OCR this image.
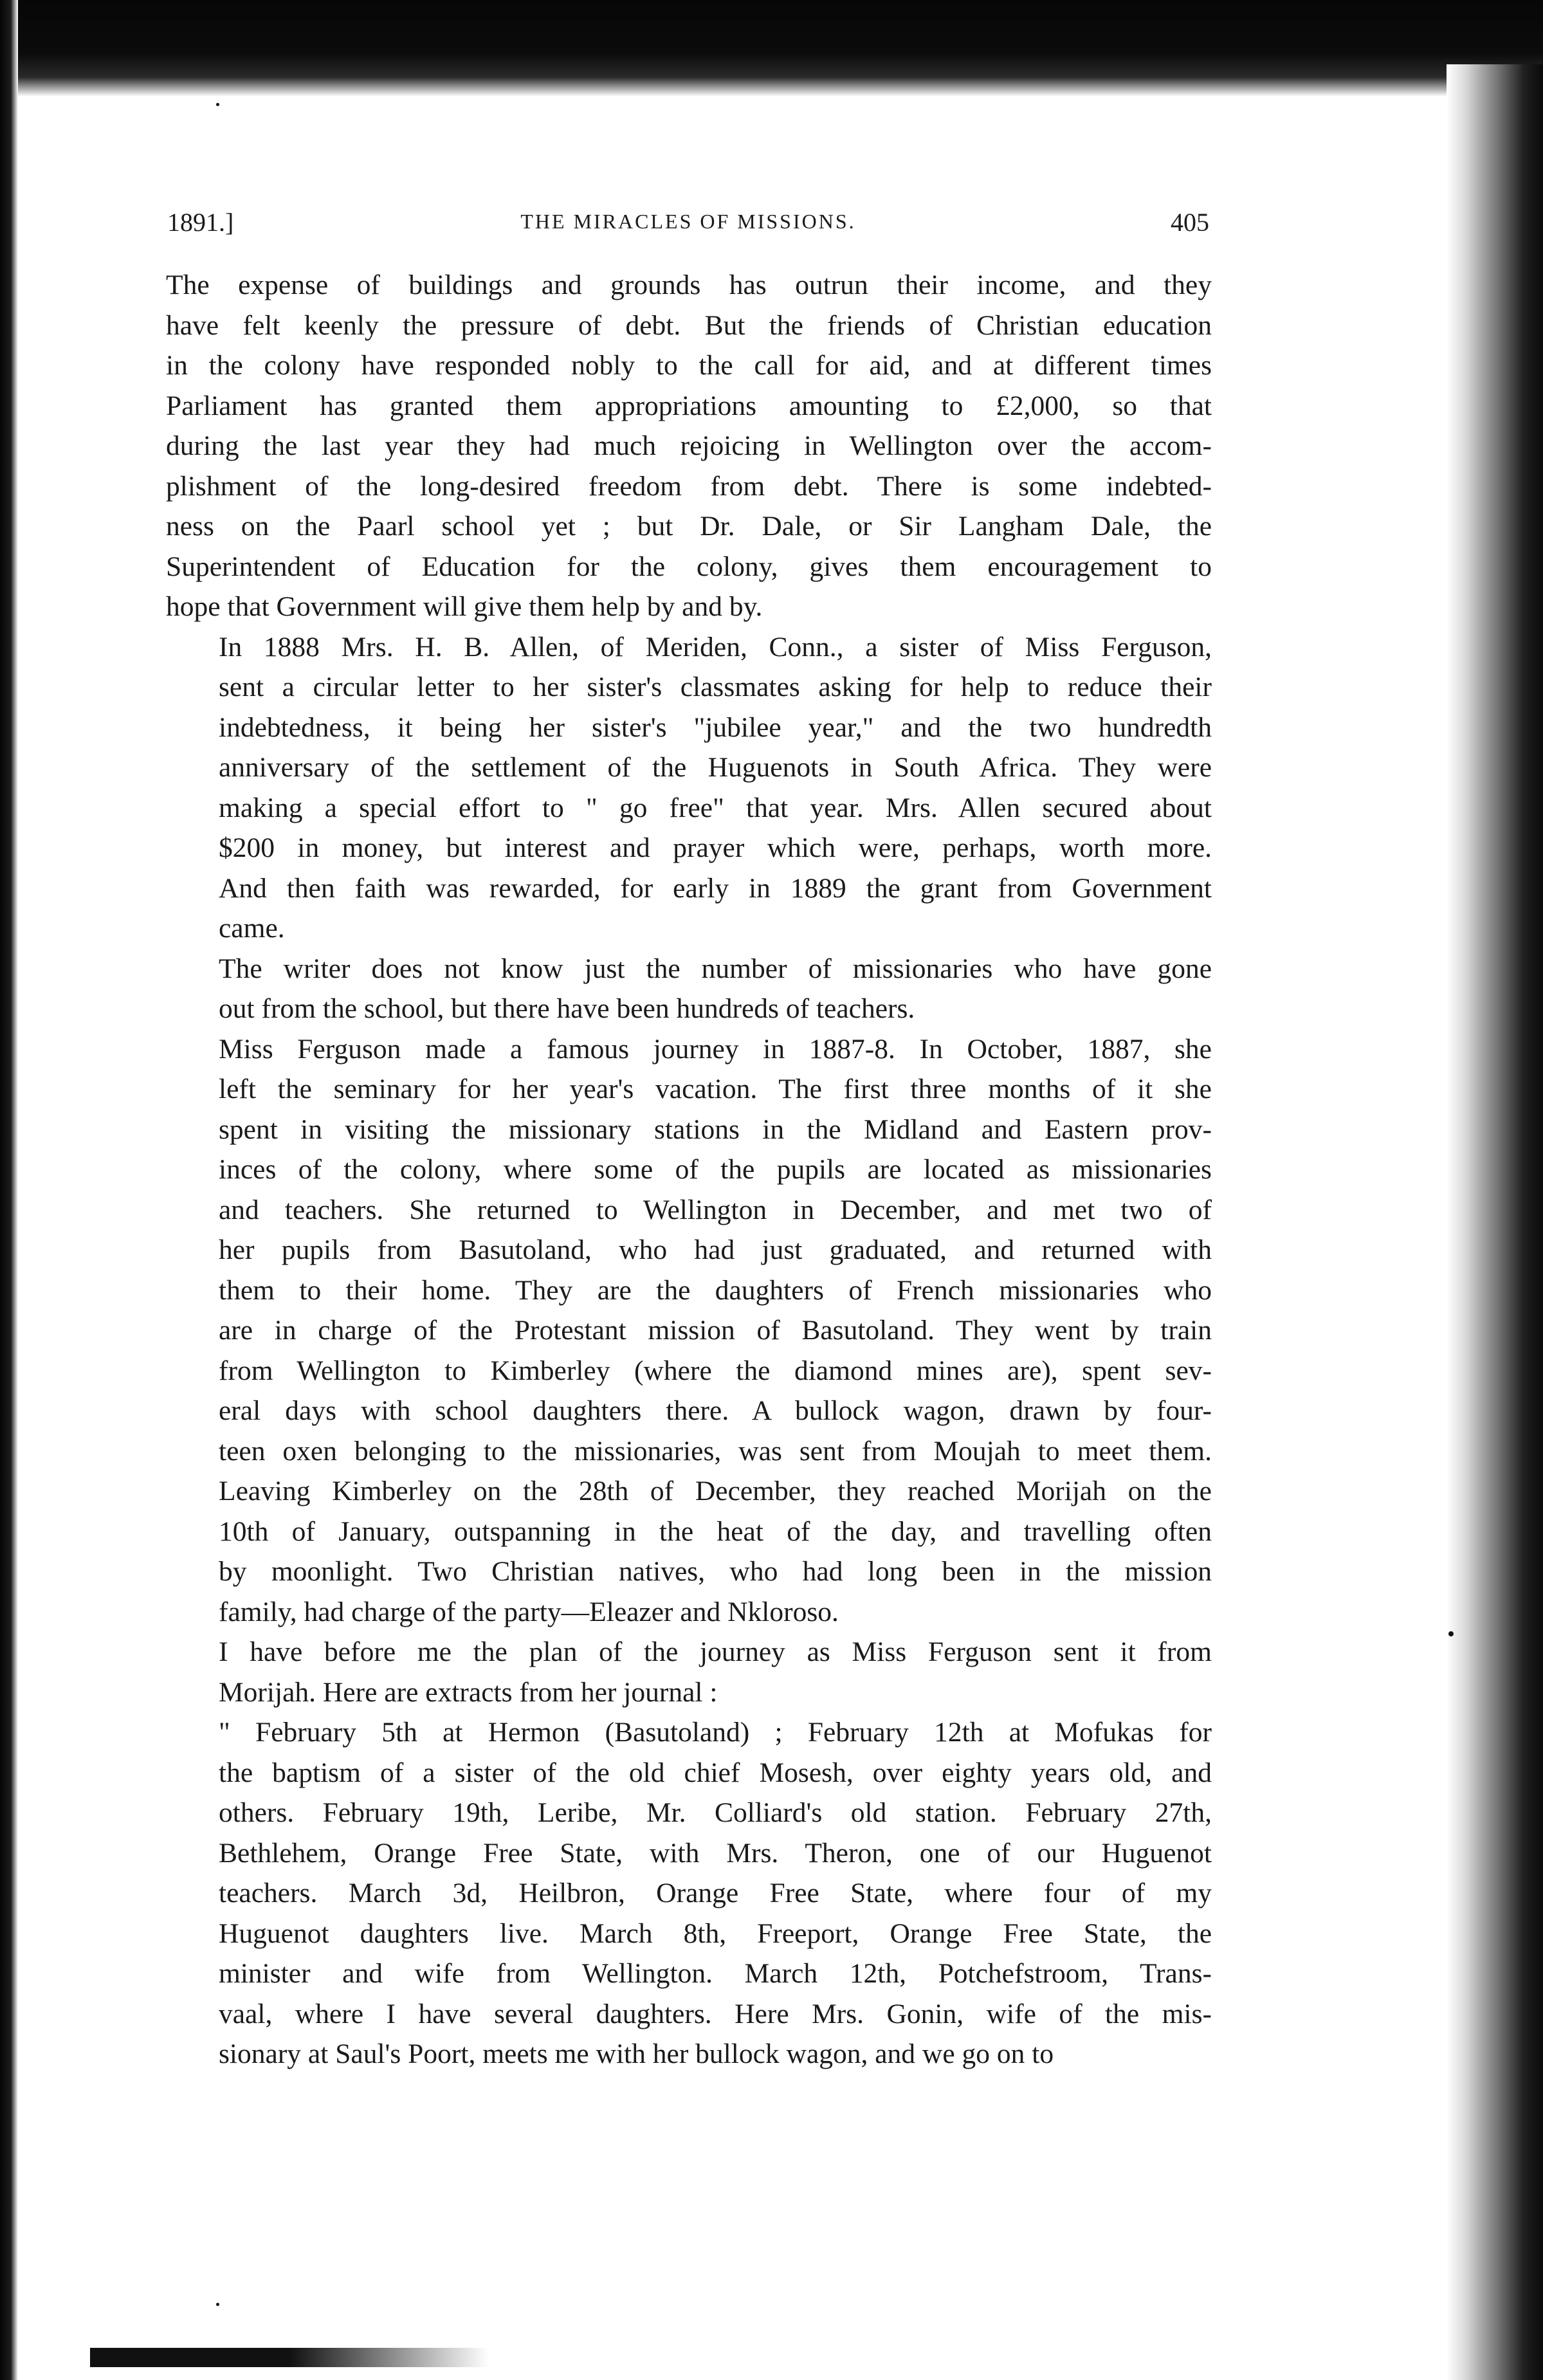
1891.]	THE MIRACLES OF MISSIONS.	405

The expense of buildings and grounds has outrun their income, and they
have felt keenly the pressure of debt. But the friends of Christian education
in the colony have responded nobly to the call for aid, and at different times
Parliament has granted them appropriations amounting to £2,000, so that
during the last year they had much rejoicing in Wellington over the accom-
plishment of the long-desired freedom from debt. There is some indebted-
ness on the Paarl school yet ; but Dr. Dale, or Sir Langham Dale, the
Superintendent of Education for the colony, gives them encouragement to
hope that Government will give them help by and by.

In 1888 Mrs. H. B. Allen, of Meriden, Conn., a sister of Miss Ferguson,
sent a circular letter to her sister's classmates asking for help to reduce their
indebtedness, it being her sister's "jubilee year," and the two hundredth
anniversary of the settlement of the Huguenots in South Africa. They were
making a special effort to " go free" that year. Mrs. Allen secured about
$200 in money, but interest and prayer which were, perhaps, worth more.
And then faith was rewarded, for early in 1889 the grant from Government
came.

The writer does not know just the number of missionaries who have gone
out from the school, but there have been hundreds of teachers.

Miss Ferguson made a famous journey in 1887-8. In October, 1887, she
left the seminary for her year's vacation. The first three months of it she
spent in visiting the missionary stations in the Midland and Eastern prov-
inces of the colony, where some of the pupils are located as missionaries
and teachers. She returned to Wellington in December, and met two of
her pupils from Basutoland, who had just graduated, and returned with
them to their home. They are the daughters of French missionaries who
are in charge of the Protestant mission of Basutoland. They went by train
from Wellington to Kimberley (where the diamond mines are), spent sev-
eral days with school daughters there. A bullock wagon, drawn by four-
teen oxen belonging to the missionaries, was sent from Moujah to meet them.
Leaving Kimberley on the 28th of December, they reached Morijah on the
10th of January, outspanning in the heat of the day, and travelling often
by moonlight. Two Christian natives, who had long been in the mission
family, had charge of the party—Eleazer and Nkloroso.

I have before me the plan of the journey as Miss Ferguson sent it from
Morijah. Here are extracts from her journal :

" February 5th at Hermon (Basutoland) ; February 12th at Mofukas for
the baptism of a sister of the old chief Mosesh, over eighty years old, and
others. February 19th, Leribe, Mr. Colliard's old station. February 27th,
Bethlehem, Orange Free State, with Mrs. Theron, one of our Huguenot
teachers. March 3d, Heilbron, Orange Free State, where four of my
Huguenot daughters live. March 8th, Freeport, Orange Free State, the
minister and wife from Wellington. March 12th, Potchefstroom, Trans-
vaal, where I have several daughters. Here Mrs. Gonin, wife of the mis-
sionary at Saul's Poort, meets me with her bullock wagon, and we go on to
